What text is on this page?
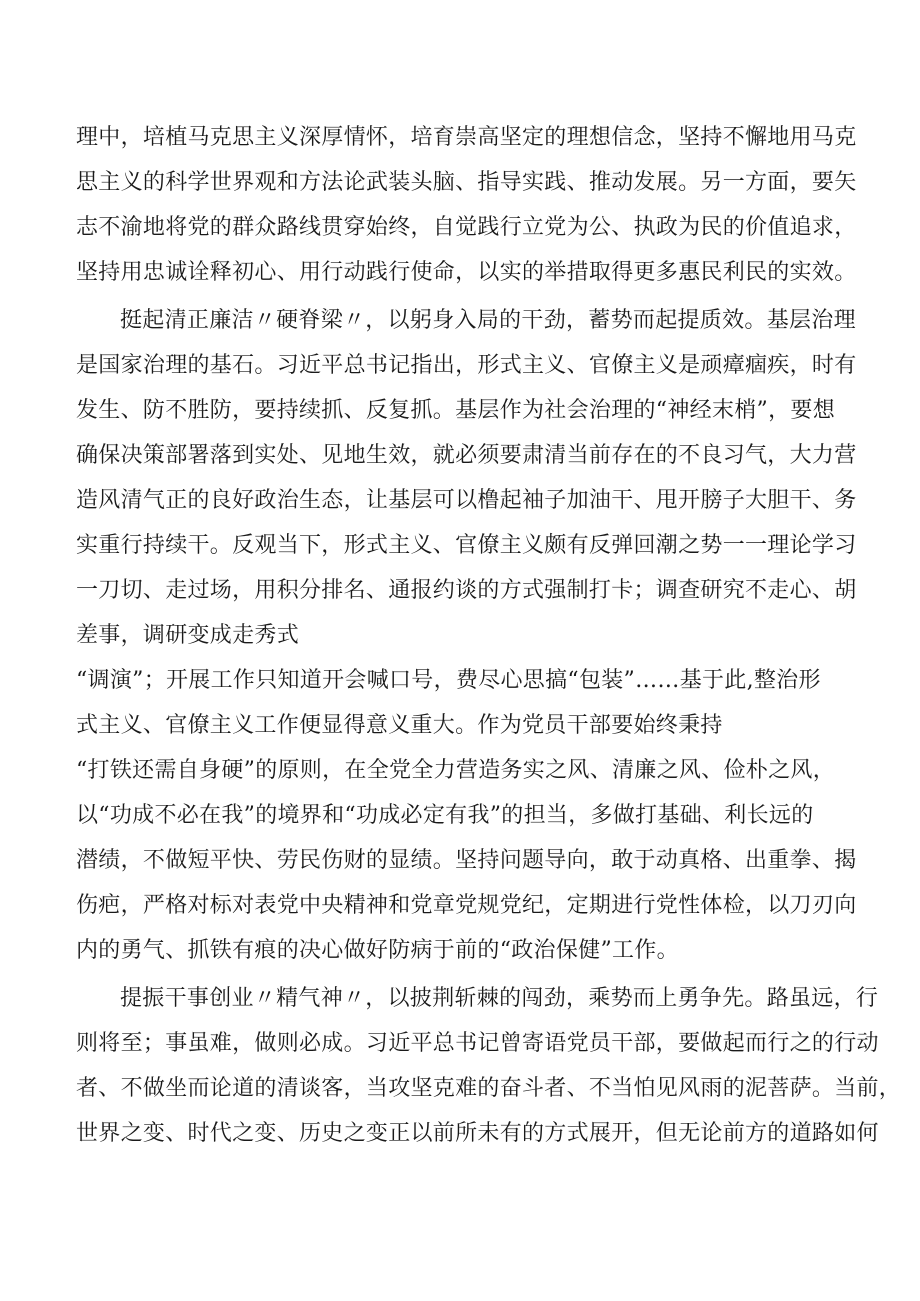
理中，培植马克思主义深厚情怀，培育崇高坚定的理想信念，坚持不懈地用马克
思主义的科学世界观和方法论武装头脑、指导实践、推动发展。另一方面，要矢
志不渝地将党的群众路线贯穿始终，自觉践行立党为公、执政为民的价值追求，
坚持用忠诚诠释初心、用行动践行使命，以实的举措取得更多惠民利民的实效。
挺起清正廉洁〃硬脊梁〃，以躬身入局的干劲，蓄势而起提质效。基层治理
是国家治理的基石。习近平总书记指出，形式主义、官僚主义是顽瘴痼疾，时有
发生、防不胜防，要持续抓、反复抓。基层作为社会治理的“神经末梢”，要想
确保决策部署落到实处、见地生效，就必须要肃清当前存在的不良习气，大力营
造风清气正的良好政治生态，让基层可以橹起袖子加油干、甩开膀子大胆干、务
实重行持续干。反观当下，形式主义、官僚主义颇有反弹回潮之势一一理论学习
一刀切、走过场，用积分排名、通报约谈的方式强制打卡；调查研究不走心、胡
差事，调研变成走秀式
“调演”；开展工作只知道开会喊口号，费尽心思搞“包装”……基于此,整治形
式主义、官僚主义工作便显得意义重大。作为党员干部要始终秉持
“打铁还需自身硬”的原则，在全党全力营造务实之风、清廉之风、俭朴之风，
以“功成不必在我”的境界和“功成必定有我”的担当，多做打基础、利长远的
潜绩，不做短平快、劳民伤财的显绩。坚持问题导向，敢于动真格、出重拳、揭
伤疤，严格对标对表党中央精神和党章党规党纪，定期进行党性体检，以刀刃向
内的勇气、抓铁有痕的决心做好防病于前的“政治保健”工作。
提振干事创业〃精气神〃，以披荆斩棘的闯劲，乘势而上勇争先。路虽远，行
则将至；事虽难，做则必成。习近平总书记曾寄语党员干部，要做起而行之的行动
者、不做坐而论道的清谈客，当攻坚克难的奋斗者、不当怕见风雨的泥菩萨。当前，
世界之变、时代之变、历史之变正以前所未有的方式展开，但无论前方的道路如何
